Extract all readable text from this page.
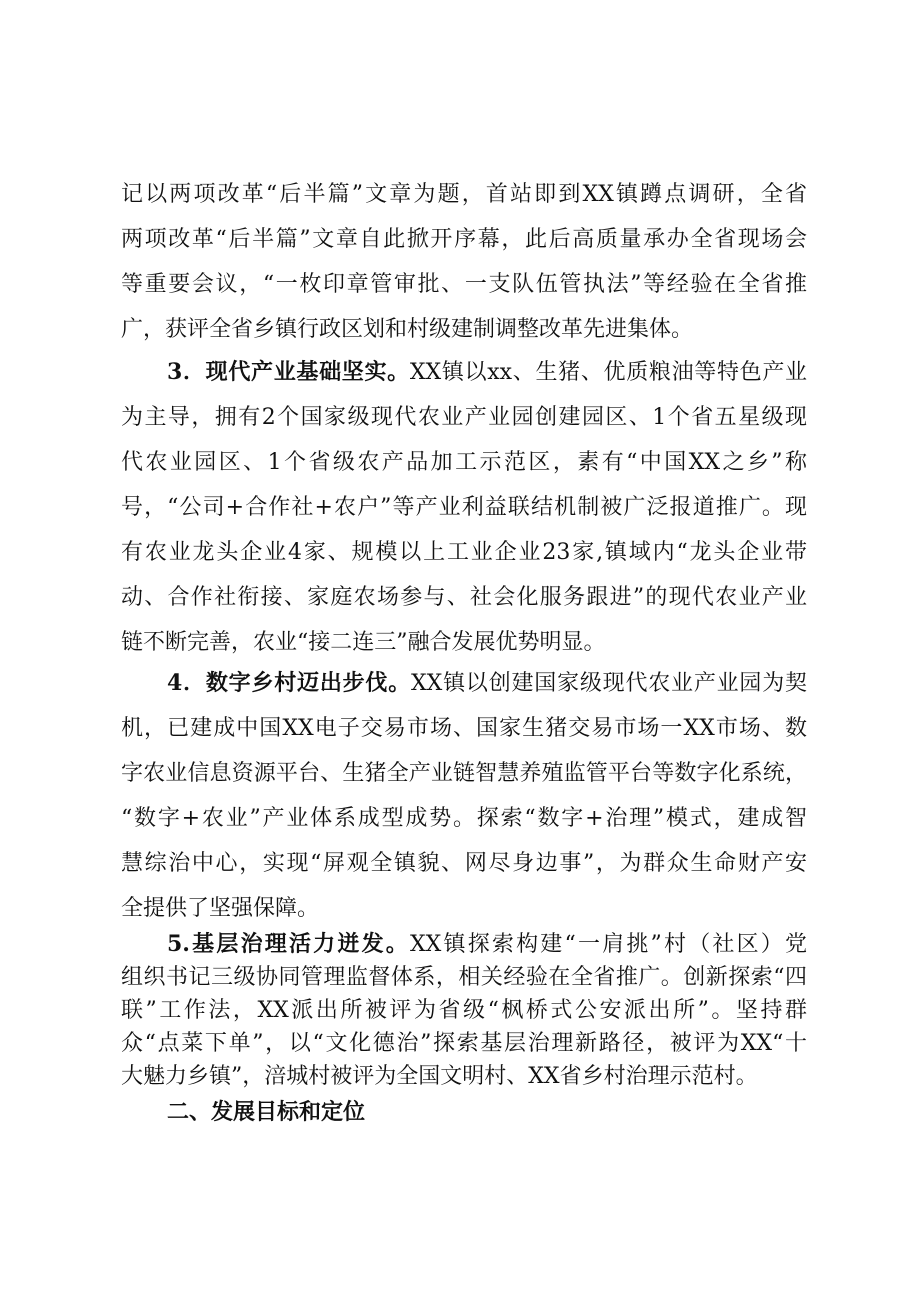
记以两项改革“后半篇”文章为题，首站即到XX镇蹲点调研，全省
两项改革“后半篇”文章自此掀开序幕，此后高质量承办全省现场会
等重要会议，“一枚印章管审批、一支队伍管执法”等经验在全省推
广，获评全省乡镇行政区划和村级建制调整改革先进集体。
3．现代产业基础坚实。XX镇以xx、生猪、优质粮油等特色产业
为主导，拥有2个国家级现代农业产业园创建园区、1个省五星级现
代农业园区、1个省级农产品加工示范区，素有“中国XX之乡”称
号，“公司+合作社+农户”等产业利益联结机制被广泛报道推广。现
有农业龙头企业4家、规模以上工业企业23家,镇域内“龙头企业带
动、合作社衔接、家庭农场参与、社会化服务跟进”的现代农业产业
链不断完善，农业“接二连三”融合发展优势明显。
4．数字乡村迈出步伐。XX镇以创建国家级现代农业产业园为契
机，已建成中国XX电子交易市场、国家生猪交易市场一XX市场、数
字农业信息资源平台、生猪全产业链智慧养殖监管平台等数字化系统，
“数字+农业”产业体系成型成势。探索“数字+治理”模式，建成智
慧综治中心，实现“屏观全镇貌、网尽身边事”，为群众生命财产安
全提供了坚强保障。
5.基层治理活力迸发。XX镇探索构建“一肩挑”村（社区）党
组织书记三级协同管理监督体系，相关经验在全省推广。创新探索“四
联”工作法，XX派出所被评为省级“枫桥式公安派出所”。坚持群
众“点菜下单”，以“文化德治”探索基层治理新路径，被评为XX“十
大魅力乡镇”，涪城村被评为全国文明村、XX省乡村治理示范村。
二、发展目标和定位
